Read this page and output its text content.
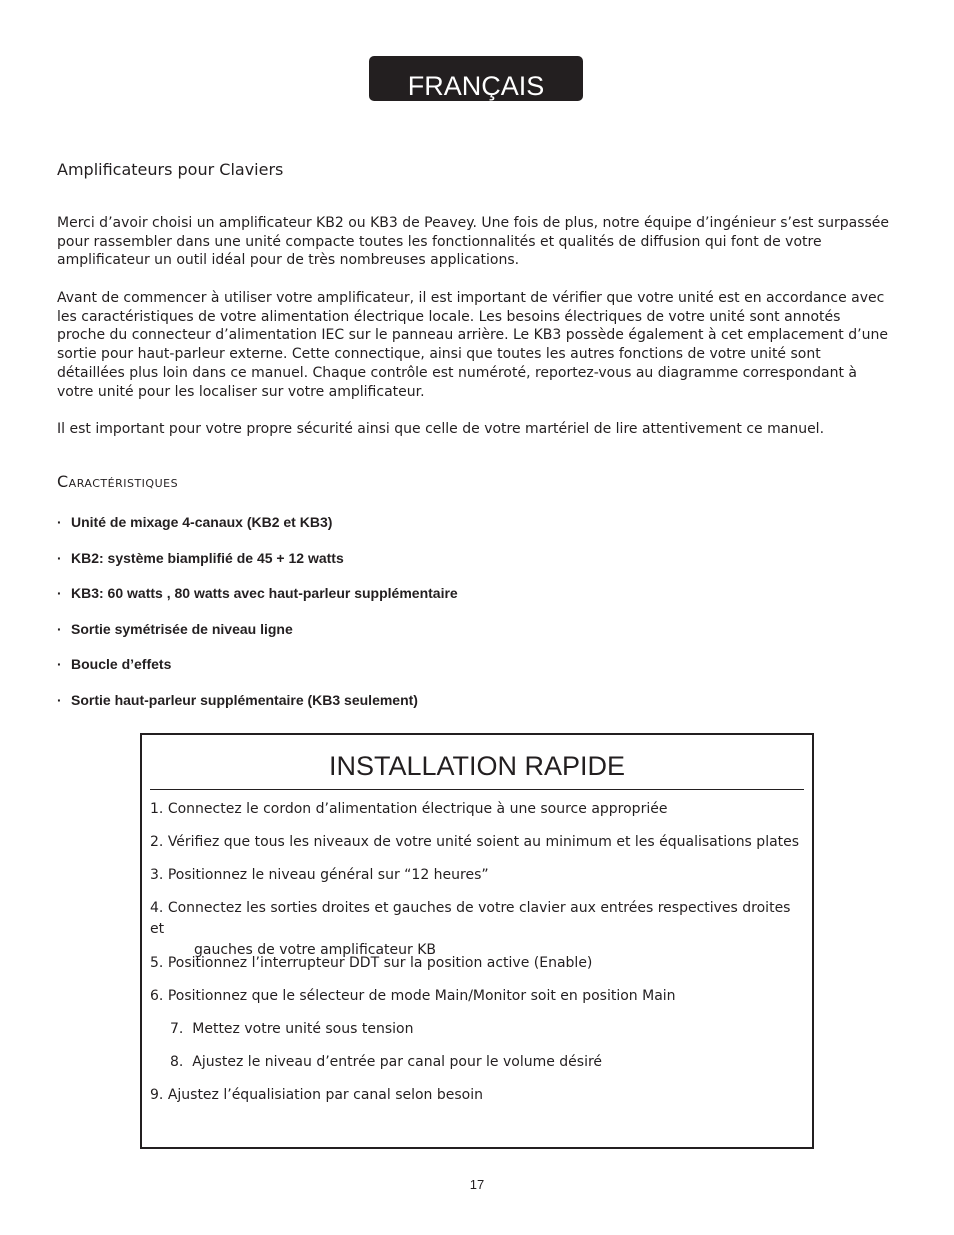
FRANÇAIS
Amplificateurs pour Claviers

Merci d’avoir choisi un amplificateur KB2 ou KB3 de Peavey. Une fois de plus, notre équipe d’ingénieur s’est surpassée pour rassembler dans une unité compacte toutes les fonctionnalités et qualités de diffusion qui font de votre amplificateur un outil idéal pour de très nombreuses applications.

Avant de commencer à utiliser votre amplificateur, il est important de vérifier que votre unité est en accordance avec les caractéristiques de votre alimentation électrique locale. Les besoins électriques de votre unité sont annotés proche du connecteur d’alimentation IEC sur le panneau arrière. Le KB3 possède également à cet emplacement d’une sortie pour haut-parleur externe. Cette connectique, ainsi que toutes les autres fonctions de votre unité sont détaillées plus loin dans ce manuel. Chaque contrôle est numéroté, reportez-vous au diagramme correspondant à votre unité pour les localiser sur votre amplificateur.

Il est important pour votre propre sécurité ainsi que celle de votre martériel de lire attentivement ce manuel.

Caractéristiques
· Unité de mixage 4-canaux (KB2 et KB3)
· KB2: système biamplifié de 45 + 12 watts
· KB3: 60 watts , 80 watts avec haut-parleur supplémentaire
· Sortie symétrisée de niveau ligne
· Boucle d’effets
· Sortie haut-parleur supplémentaire (KB3 seulement)
INSTALLATION RAPIDE
1. Connectez le cordon d’alimentation électrique à une source appropriée
2. Vérifiez que tous les niveaux de votre unité soient au minimum et les équalisations plates
3. Positionnez le niveau général sur “12 heures”
4. Connectez les sorties droites et gauches de votre clavier aux entrées respectives droites et
gauches de votre amplificateur KB
5. Positionnez l’interrupteur DDT sur la position active (Enable)
6. Positionnez que le sélecteur de mode Main/Monitor soit en position Main
7. Mettez votre unité sous tension
8. Ajustez le niveau d’entrée par canal pour le volume désiré
9. Ajustez l’équalisiation par canal selon besoin
17
